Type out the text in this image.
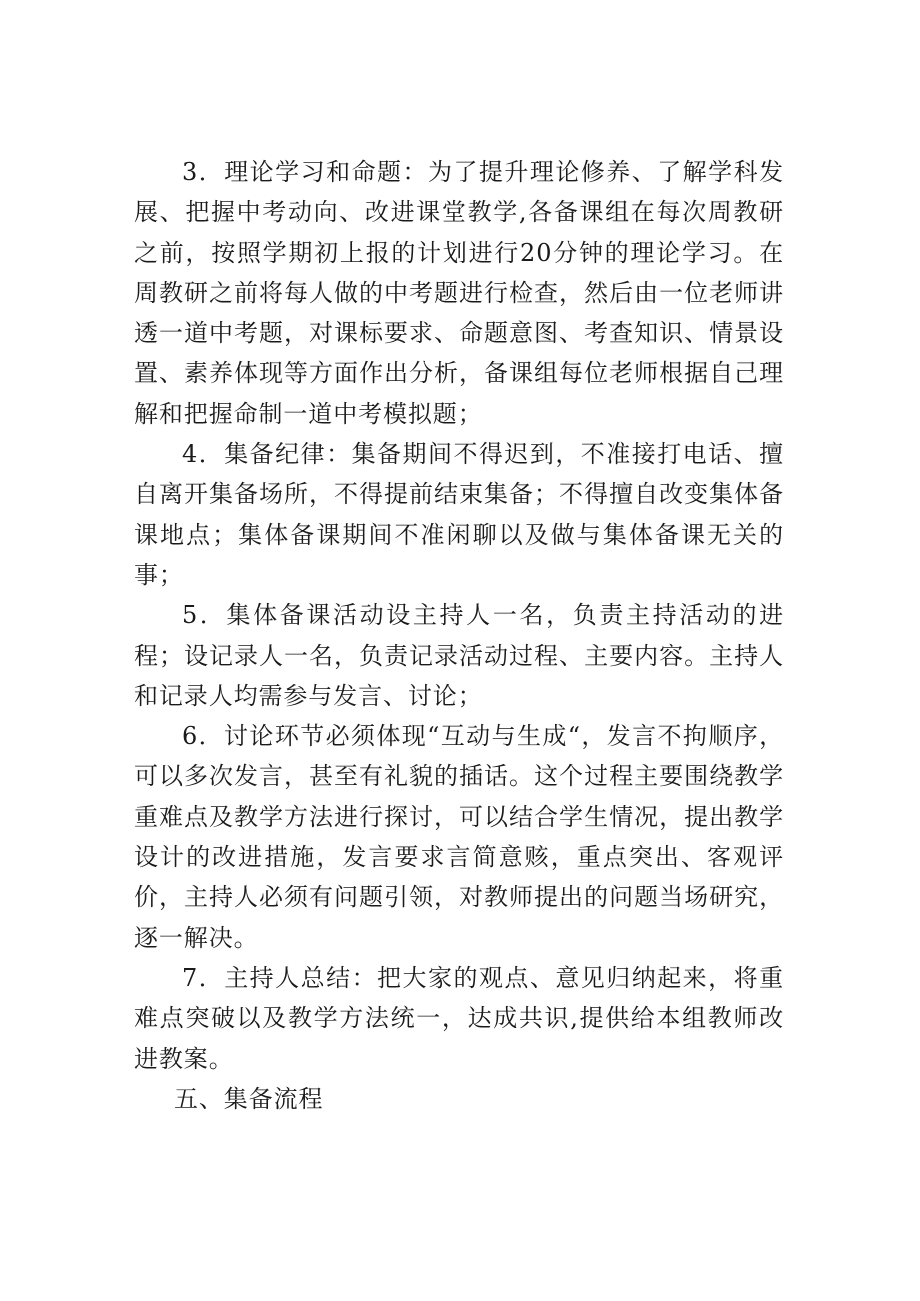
3．理论学习和命题：为了提升理论修养、了解学科发展、把握中考动向、改进课堂教学,各备课组在每次周教研之前，按照学期初上报的计划进行20分钟的理论学习。在周教研之前将每人做的中考题进行检查，然后由一位老师讲透一道中考题，对课标要求、命题意图、考查知识、情景设置、素养体现等方面作出分析，备课组每位老师根据自己理解和把握命制一道中考模拟题；

4．集备纪律：集备期间不得迟到，不准接打电话、擅自离开集备场所，不得提前结束集备；不得擅自改变集体备课地点；集体备课期间不准闲聊以及做与集体备课无关的事；

5．集体备课活动设主持人一名，负责主持活动的进程；设记录人一名，负责记录活动过程、主要内容。主持人和记录人均需参与发言、讨论；

6．讨论环节必须体现“互动与生成“，发言不拘顺序，可以多次发言，甚至有礼貌的插话。这个过程主要围绕教学重难点及教学方法进行探讨，可以结合学生情况，提出教学设计的改进措施，发言要求言简意赅，重点突出、客观评价，主持人必须有问题引领，对教师提出的问题当场研究，逐一解决。

7．主持人总结：把大家的观点、意见归纳起来，将重难点突破以及教学方法统一，达成共识,提供给本组教师改进教案。

五、集备流程
